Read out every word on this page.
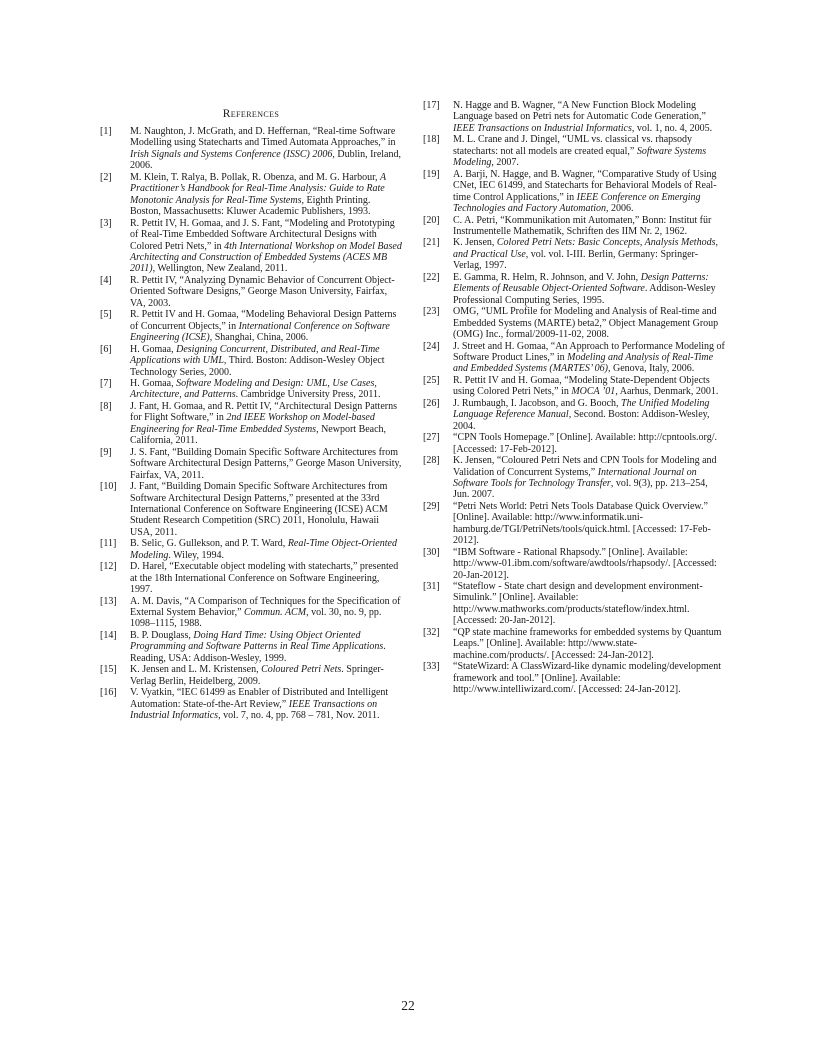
References

[1] M. Naughton, J. McGrath, and D. Heffernan, “Real-time Software Modelling using Statecharts and Timed Automata Approaches,” in Irish Signals and Systems Conference (ISSC) 2006, Dublin, Ireland, 2006.

[2] M. Klein, T. Ralya, B. Pollak, R. Obenza, and M. G. Harbour, A Practitioner’s Handbook for Real-Time Analysis: Guide to Rate Monotonic Analysis for Real-Time Systems, Eighth Printing. Boston, Massachusetts: Kluwer Academic Publishers, 1993.

[3] R. Pettit IV, H. Gomaa, and J. S. Fant, “Modeling and Prototyping of Real-Time Embedded Software Architectural Designs with Colored Petri Nets,” in 4th International Workshop on Model Based Architecting and Construction of Embedded Systems (ACES MB 2011), Wellington, New Zealand, 2011.

[4] R. Pettit IV, “Analyzing Dynamic Behavior of Concurrent Object-Oriented Software Designs,” George Mason University, Fairfax, VA, 2003.

[5] R. Pettit IV and H. Gomaa, “Modeling Behavioral Design Patterns of Concurrent Objects,” in International Conference on Software Engineering (ICSE), Shanghai, China, 2006.

[6] H. Gomaa, Designing Concurrent, Distributed, and Real-Time Applications with UML, Third. Boston: Addison-Wesley Object Technology Series, 2000.

[7] H. Gomaa, Software Modeling and Design: UML, Use Cases, Architecture, and Patterns. Cambridge University Press, 2011.

[8] J. Fant, H. Gomaa, and R. Pettit IV, “Architectural Design Patterns for Flight Software,” in 2nd IEEE Workshop on Model-based Engineering for Real-Time Embedded Systems, Newport Beach, California, 2011.

[9] J. S. Fant, “Building Domain Specific Software Architectures from Software Architectural Design Patterns,” George Mason University, Fairfax, VA, 2011.

[10] J. Fant, “Building Domain Specific Software Architectures from Software Architectural Design Patterns,” presented at the 33rd International Conference on Software Engineering (ICSE) ACM Student Research Competition (SRC) 2011, Honolulu, Hawaii USA, 2011.

[11] B. Selic, G. Gullekson, and P. T. Ward, Real-Time Object-Oriented Modeling. Wiley, 1994.

[12] D. Harel, “Executable object modeling with statecharts,” presented at the 18th International Conference on Software Engineering, 1997.

[13] A. M. Davis, “A Comparison of Techniques for the Specification of External System Behavior,” Commun. ACM, vol. 30, no. 9, pp. 1098–1115, 1988.

[14] B. P. Douglass, Doing Hard Time: Using Object Oriented Programming and Software Patterns in Real Time Applications. Reading, USA: Addison-Wesley, 1999.

[15] K. Jensen and L. M. Kristensen, Coloured Petri Nets. Springer-Verlag Berlin, Heidelberg, 2009.

[16] V. Vyatkin, “IEC 61499 as Enabler of Distributed and Intelligent Automation: State-of-the-Art Review,” IEEE Transactions on Industrial Informatics, vol. 7, no. 4, pp. 768 – 781, Nov. 2011.

[17] N. Hagge and B. Wagner, “A New Function Block Modeling Language based on Petri nets for Automatic Code Generation,” IEEE Transactions on Industrial Informatics, vol. 1, no. 4, 2005.

[18] M. L. Crane and J. Dingel, “UML vs. classical vs. rhapsody statecharts: not all models are created equal,” Software Systems Modeling, 2007.

[19] A. Barji, N. Hagge, and B. Wagner, “Comparative Study of Using CNet, IEC 61499, and Statecharts for Behavioral Models of Real-time Control Applications,” in IEEE Conference on Emerging Technologies and Factory Automation, 2006.

[20] C. A. Petri, “Kommunikation mit Automaten,” Bonn: Institut für Instrumentelle Mathematik, Schriften des IIM Nr. 2, 1962.

[21] K. Jensen, Colored Petri Nets: Basic Concepts, Analysis Methods, and Practical Use, vol. vol. I-III. Berlin, Germany: Springer-Verlag, 1997.

[22] E. Gamma, R. Helm, R. Johnson, and V. John, Design Patterns: Elements of Reusable Object-Oriented Software. Addison-Wesley Professional Computing Series, 1995.

[23] OMG, “UML Profile for Modeling and Analysis of Real-time and Embedded Systems (MARTE) beta2,” Object Management Group (OMG) Inc., formal/2009-11-02, 2008.

[24] J. Street and H. Gomaa, “An Approach to Performance Modeling of Software Product Lines,” in Modeling and Analysis of Real-Time and Embedded Systems (MARTES’ 06), Genova, Italy, 2006.

[25] R. Pettit IV and H. Gomaa, “Modeling State-Dependent Objects using Colored Petri Nets,” in MOCA ’01, Aarhus, Denmark, 2001.

[26] J. Rumbaugh, I. Jacobson, and G. Booch, The Unified Modeling Language Reference Manual, Second. Boston: Addison-Wesley, 2004.

[27] “CPN Tools Homepage.” [Online]. Available: http://cpntools.org/. [Accessed: 17-Feb-2012].

[28] K. Jensen, “Coloured Petri Nets and CPN Tools for Modeling and Validation of Concurrent Systems,” International Journal on Software Tools for Technology Transfer, vol. 9(3), pp. 213–254, Jun. 2007.

[29] “Petri Nets World: Petri Nets Tools Database Quick Overview.” [Online]. Available: http://www.informatik.uni-hamburg.de/TGI/PetriNets/tools/quick.html. [Accessed: 17-Feb-2012].

[30] “IBM Software - Rational Rhapsody.” [Online]. Available: http://www-01.ibm.com/software/awdtools/rhapsody/. [Accessed: 20-Jan-2012].

[31] “Stateflow - State chart design and development environment- Simulink.” [Online]. Available: http://www.mathworks.com/products/stateflow/index.html. [Accessed: 20-Jan-2012].

[32] “QP state machine frameworks for embedded systems by Quantum Leaps.” [Online]. Available: http://www.state-machine.com/products/. [Accessed: 24-Jan-2012].

[33] “StateWizard: A ClassWizard-like dynamic modeling/development framework and tool.” [Online]. Available: http://www.intelliwizard.com/. [Accessed: 24-Jan-2012].

22
